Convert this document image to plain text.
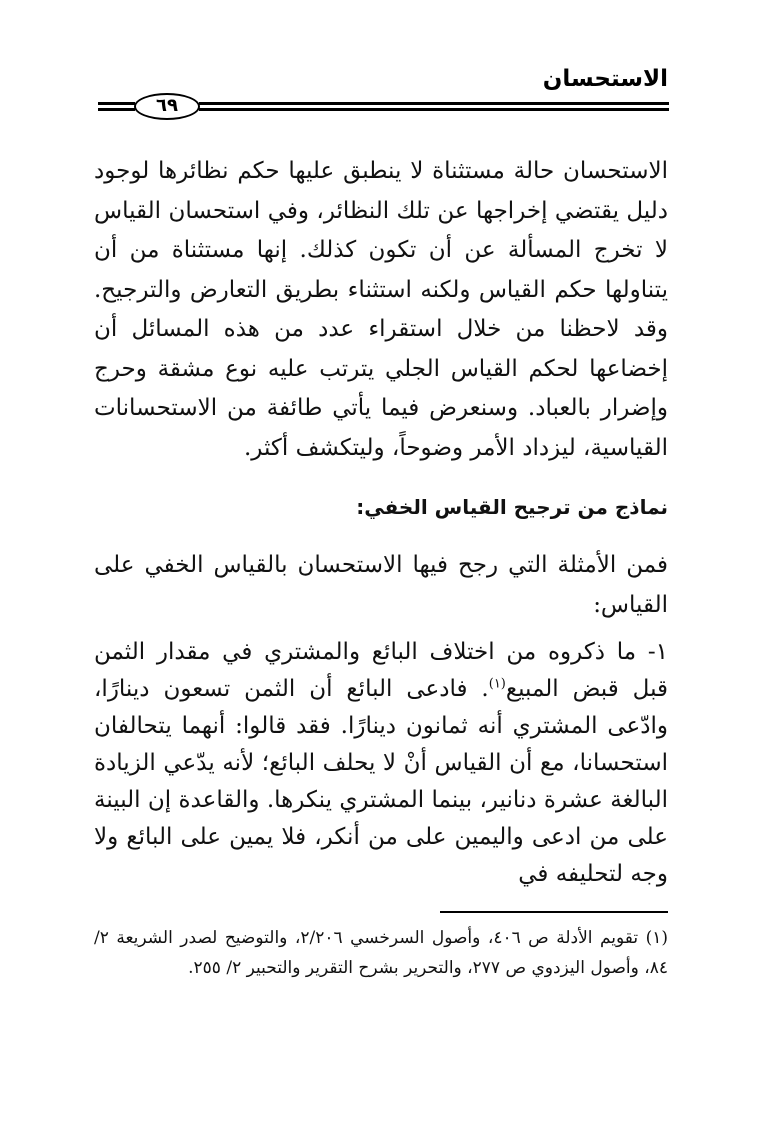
الاستحسان
٦٩

الاستحسان حالة مستثناة لا ينطبق عليها حكم نظائرها لوجود دليل يقتضي إخراجها عن تلك النظائر، وفي استحسان القياس لا تخرج المسألة عن أن تكون كذلك. إنها مستثناة من أن يتناولها حكم القياس ولكنه استثناء بطريق التعارض والترجيح. وقد لاحظنا من خلال استقراء عدد من هذه المسائل أن إخضاعها لحكم القياس الجلي يترتب عليه نوع مشقة وحرج وإضرار بالعباد. وسنعرض فيما يأتي طائفة من الاستحسانات القياسية، ليزداد الأمر وضوحاً، وليتكشف أكثر.

نماذج من ترجيح القياس الخفي:

فمن الأمثلة التي رجح فيها الاستحسان بالقياس الخفي على القياس:

١- ما ذكروه من اختلاف البائع والمشتري في مقدار الثمن قبل قبض المبيع$^{(١)}$. فادعى البائع أن الثمن تسعون دينارًا، وادّعى المشتري أنه ثمانون دينارًا. فقد قالوا: أنهما يتحالفان استحسانا، مع أن القياس أنْ لا يحلف البائع؛ لأنه يدّعي الزيادة البالغة عشرة دنانير، بينما المشتري ينكرها. والقاعدة إن البينة على من ادعى واليمين على من أنكر، فلا يمين على البائع ولا وجه لتحليفه في

(١) تقويم الأدلة ص ٤٠٦، وأصول السرخسي ٢/٢٠٦، والتوضيح لصدر الشريعة ٢/ ٨٤، وأصول اليزدوي ص ٢٧٧، والتحرير بشرح التقرير والتحبير ٢/ ٢٥٥.
